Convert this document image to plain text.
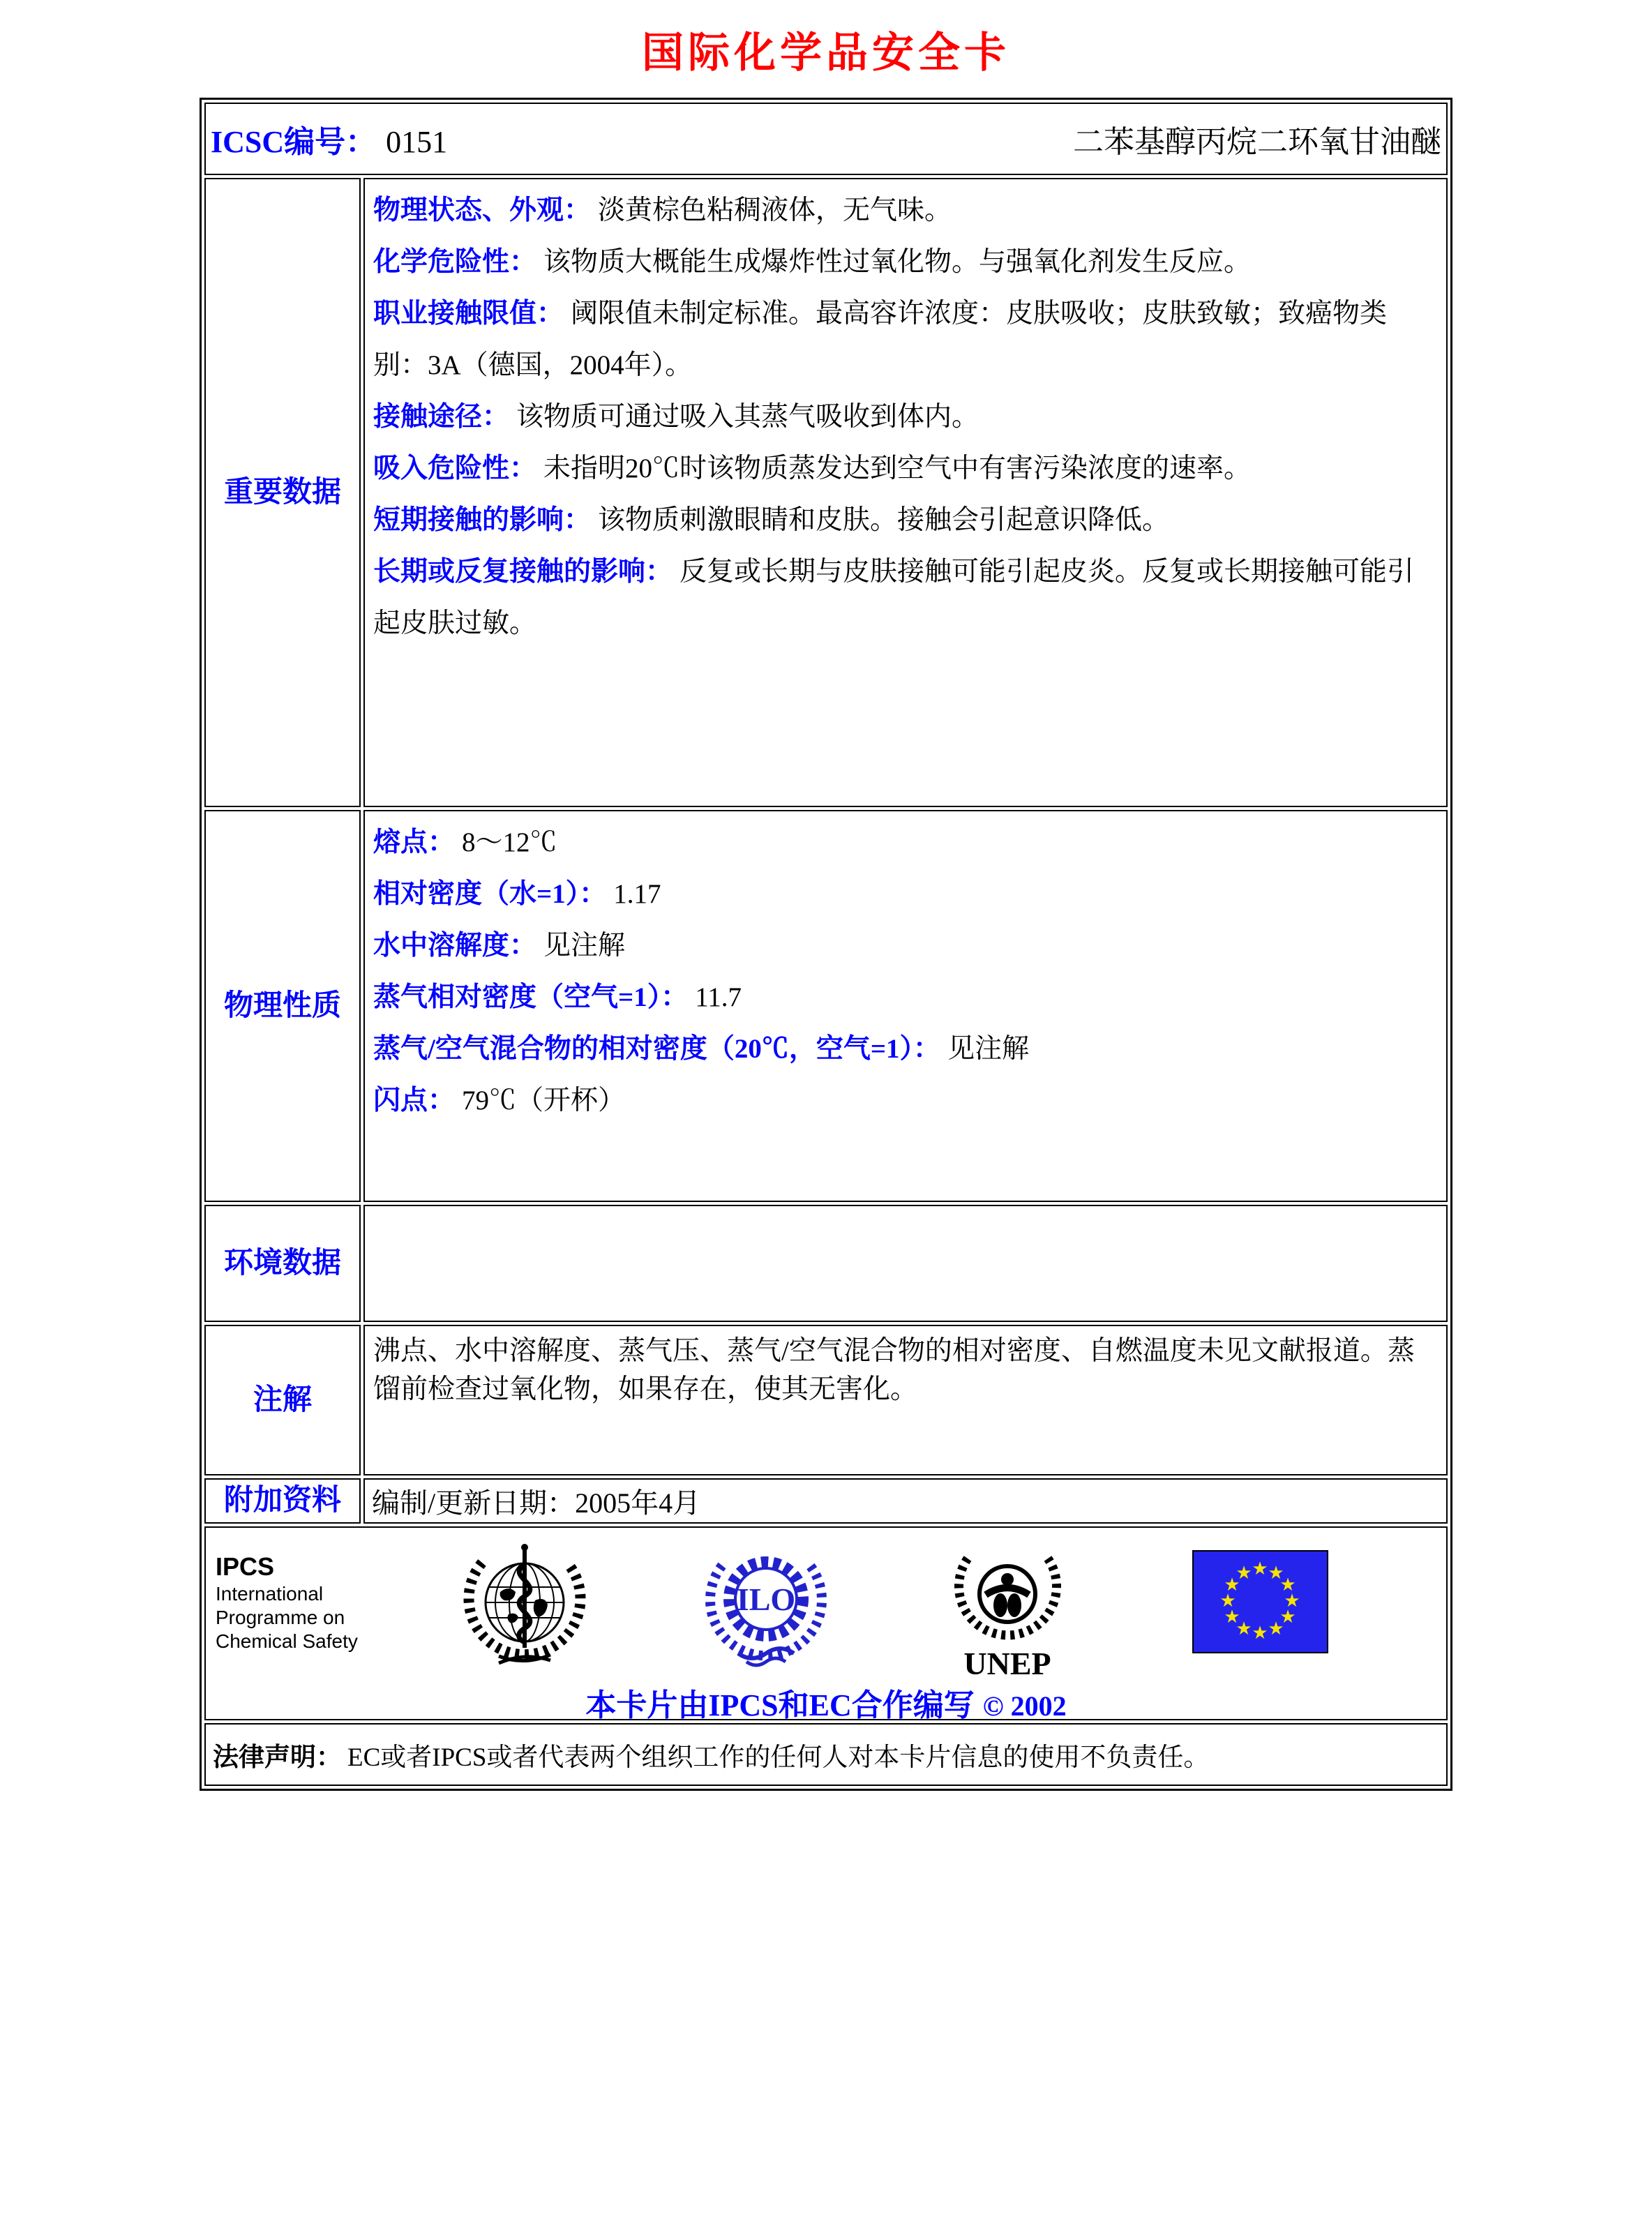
国际化学品安全卡
ICSC编号： 0151 二苯基醇丙烷二环氧甘油醚	

重要数据	
物理状态、外观： 淡黄棕色粘稠液体，无气味。
化学危险性： 该物质大概能生成爆炸性过氧化物。与强氧化剂发生反应。
职业接触限值： 阈限值未制定标准。最高容许浓度：皮肤吸收；皮肤致敏；致癌物类别：3A（德国，2004年）。
接触途径： 该物质可通过吸入其蒸气吸收到体内。
吸入危险性： 未指明20℃时该物质蒸发达到空气中有害污染浓度的速率。
短期接触的影响： 该物质刺激眼睛和皮肤。接触会引起意识降低。
长期或反复接触的影响： 反复或长期与皮肤接触可能引起皮炎。反复或长期接触可能引起皮肤过敏。

物理性质	
熔点： 8～12℃
相对密度（水=1）： 1.17
水中溶解度： 见注解
蒸气相对密度（空气=1）： 11.7
蒸气/空气混合物的相对密度（20℃，空气=1）： 见注解
闪点： 79℃（开杯）

环境数据	
注解	沸点、水中溶解度、蒸气压、蒸气/空气混合物的相对密度、自燃温度未见文献报道。蒸馏前检查过氧化物，如果存在，使其无害化。
附加资料	编制/更新日期：2005年4月

IPCS
International
Programme on
Chemical Safety
ILO
UNEP
★ ★
★
★
★
★
★
★
★
★
★
★
本卡片由IPCS和EC合作编写 © 2002

法律声明： EC或者IPCS或者代表两个组织工作的任何人对本卡片信息的使用不负责任。	
